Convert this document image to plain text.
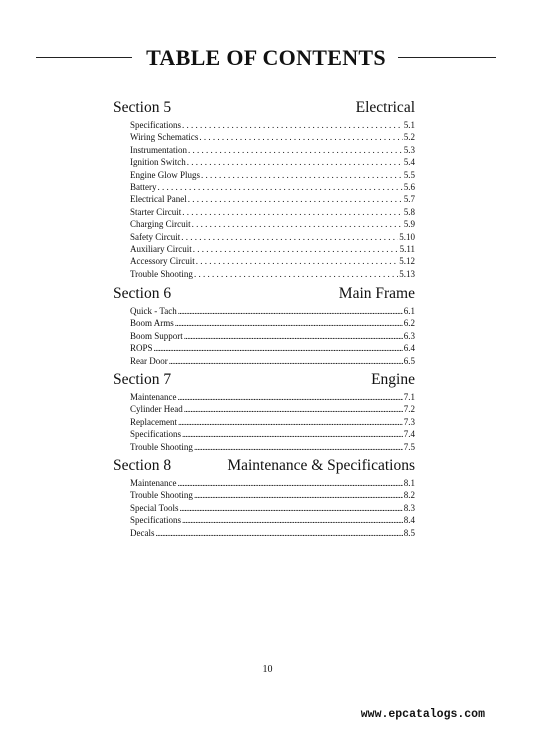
TABLE OF CONTENTS
Section 5	Electrical
Specifications . . .	5.1
Wiring Schematics . . .	5.2
Instrumentation . . .	5.3
Ignition Switch . . .	5.4
Engine Glow Plugs . . .	5.5
Battery . . .	5.6
Electrical Panel . . .	5.7
Starter Circuit . . .	5.8
Charging Circuit . . .	5.9
Safety Circuit . . .	5.10
Auxiliary Circuit . . .	5.11
Accessory Circuit . . .	5.12
Trouble Shooting . . .	5.13
Section 6	Main Frame
Quick - Tach .....	6.1
Boom Arms .....	6.2
Boom Support .....	6.3
ROPS .....	6.4
Rear Door .....	6.5
Section 7	Engine
Maintenance .....	7.1
Cylinder Head .....	7.2
Replacement .....	7.3
Specifications .....	7.4
Trouble Shooting .....	7.5
Section 8	Maintenance & Specifications
Maintenance .....	8.1
Trouble Shooting .....	8.2
Special Tools .....	8.3
Specifications .....	8.4
Decals .....	8.5
10
www.epcatalogs.com
